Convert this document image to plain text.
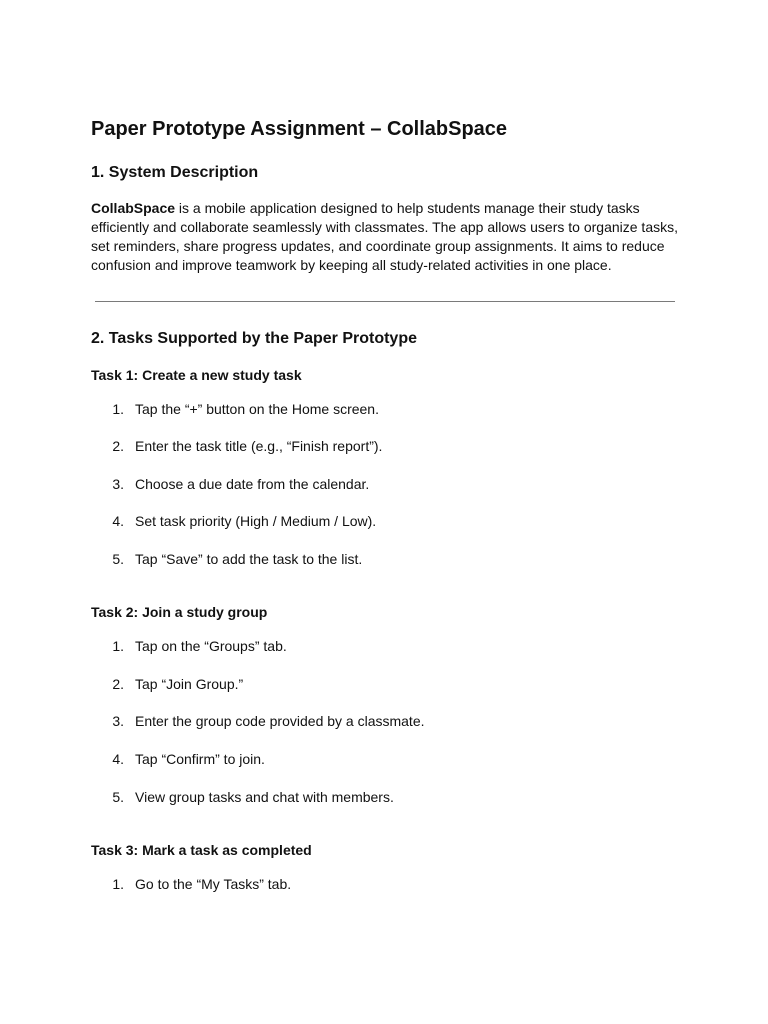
Paper Prototype Assignment – CollabSpace
1. System Description

CollabSpace is a mobile application designed to help students manage their study tasks efficiently and collaborate seamlessly with classmates. The app allows users to organize tasks, set reminders, share progress updates, and coordinate group assignments. It aims to reduce confusion and improve teamwork by keeping all study-related activities in one place.

2. Tasks Supported by the Paper Prototype
Task 1: Create a new study task
1. Tap the “+” button on the Home screen.
2. Enter the task title (e.g., “Finish report”).
3. Choose a due date from the calendar.
4. Set task priority (High / Medium / Low).
5. Tap “Save” to add the task to the list.
Task 2: Join a study group
1. Tap on the “Groups” tab.
2. Tap “Join Group.”
3. Enter the group code provided by a classmate.
4. Tap “Confirm” to join.
5. View group tasks and chat with members.
Task 3: Mark a task as completed
1. Go to the “My Tasks” tab.
